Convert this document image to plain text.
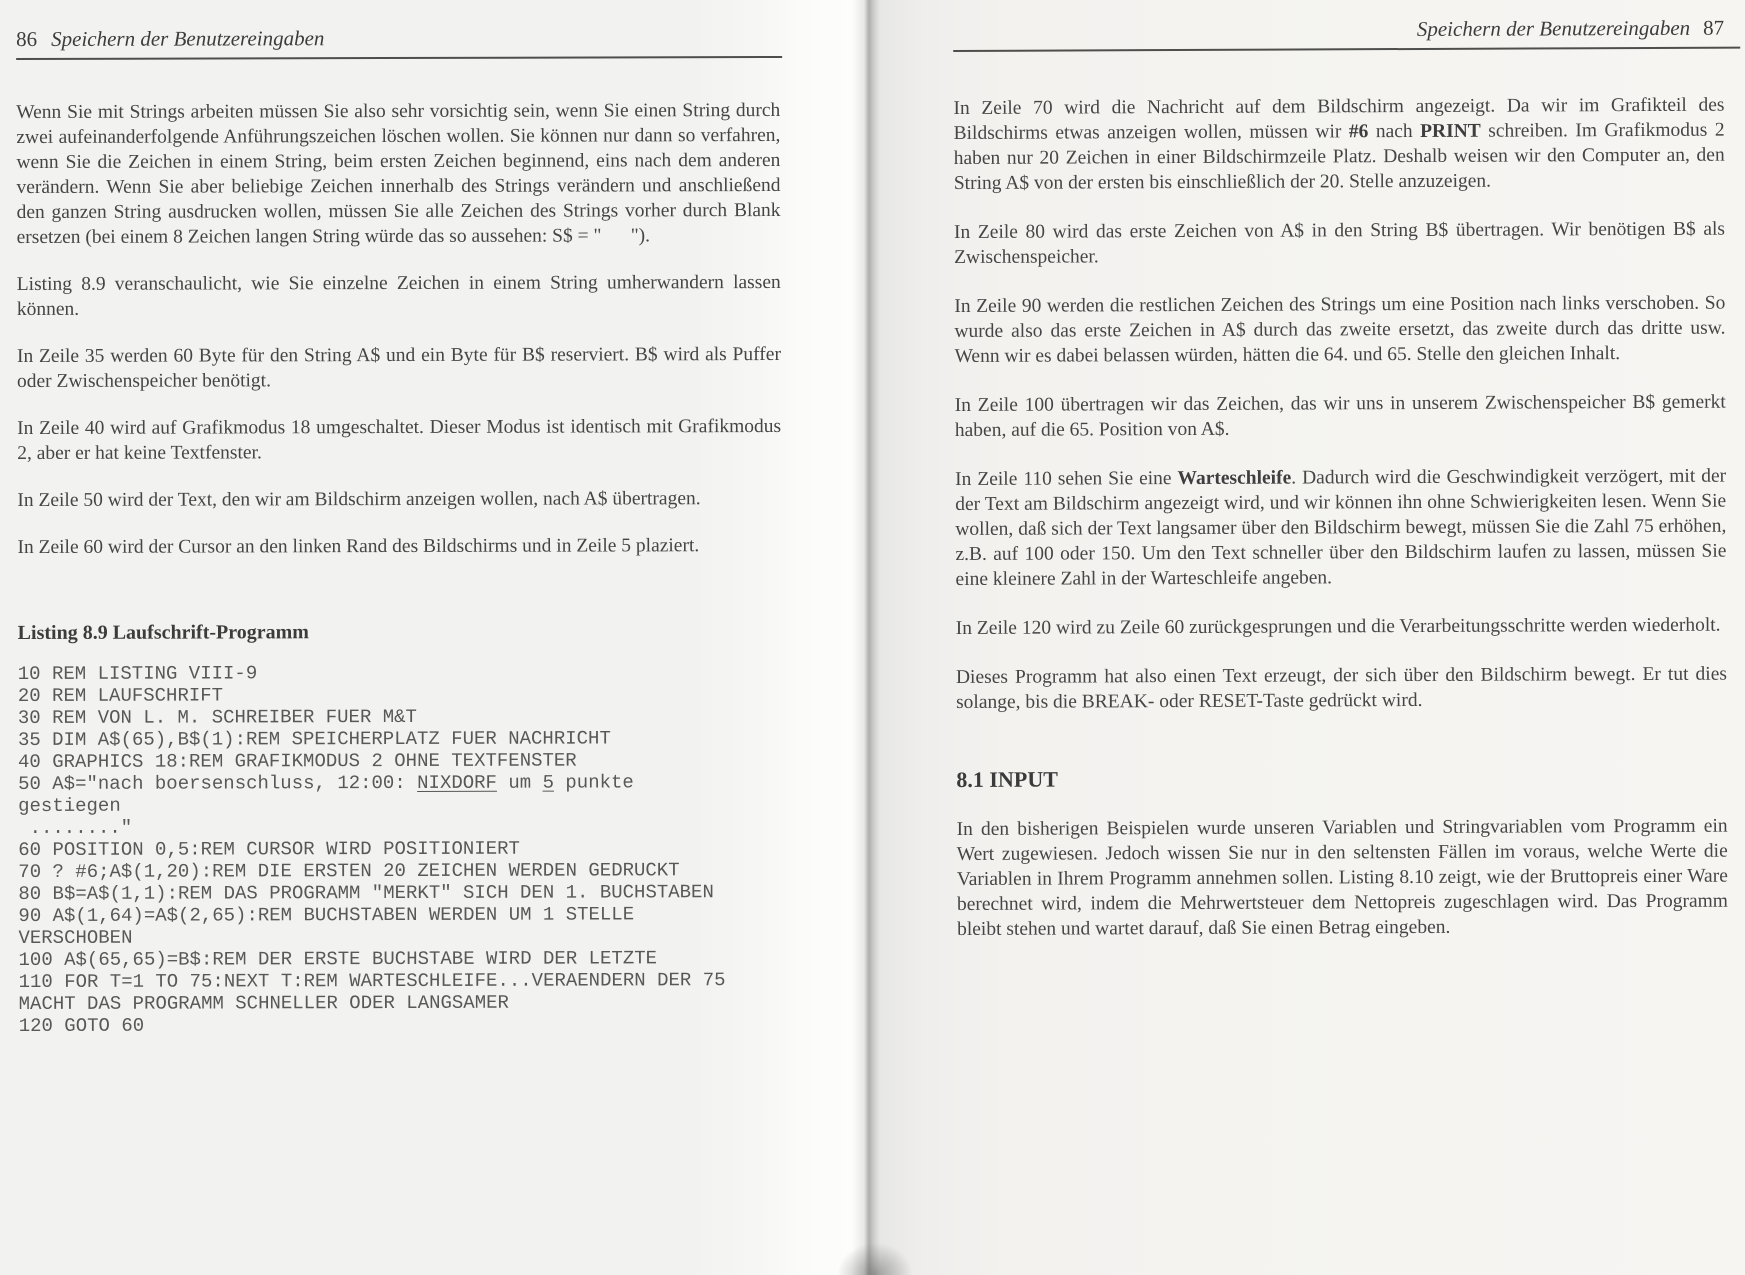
86 Speichern der Benutzereingaben

Wenn Sie mit Strings arbeiten müssen Sie also sehr vorsichtig sein, wenn Sie einen String durch zwei aufeinanderfolgende Anführungszeichen löschen wollen. Sie können nur dann so verfahren, wenn Sie die Zeichen in einem String, beim ersten Zeichen beginnend, eins nach dem anderen verändern. Wenn Sie aber beliebige Zeichen innerhalb des Strings verändern und anschließend den ganzen String ausdrucken wollen, müssen Sie alle Zeichen des Strings vorher durch Blank ersetzen (bei einem 8 Zeichen langen String würde das so aussehen: S$ = "      ").

Listing 8.9 veranschaulicht, wie Sie einzelne Zeichen in einem String umherwandern lassen können.

In Zeile 35 werden 60 Byte für den String A$ und ein Byte für B$ reserviert. B$ wird als Puffer oder Zwischenspeicher benötigt.

In Zeile 40 wird auf Grafikmodus 18 umgeschaltet. Dieser Modus ist identisch mit Grafikmodus 2, aber er hat keine Textfenster.

In Zeile 50 wird der Text, den wir am Bildschirm anzeigen wollen, nach A$ übertragen.

In Zeile 60 wird der Cursor an den linken Rand des Bildschirms und in Zeile 5 plaziert.

Listing 8.9 Laufschrift-Programm
10 REM LISTING VIII-9
20 REM LAUFSCHRIFT
30 REM VON L. M. SCHREIBER FUER M&T
35 DIM A$(65),B$(1):REM SPEICHERPLATZ FUER NACHRICHT
40 GRAPHICS 18:REM GRAFIKMODUS 2 OHNE TEXTFENSTER
50 A$="nach boersenschluss, 12:00: NIXDORF um 5 punkte
gestiegen
........"
60 POSITION 0,5:REM CURSOR WIRD POSITIONIERT
70 ? #6;A$(1,20):REM DIE ERSTEN 20 ZEICHEN WERDEN GEDRUCKT
80 B$=A$(1,1):REM DAS PROGRAMM "MERKT" SICH DEN 1. BUCHSTABEN
90 A$(1,64)=A$(2,65):REM BUCHSTABEN WERDEN UM 1 STELLE
VERSCHOBEN
100 A$(65,65)=B$:REM DER ERSTE BUCHSTABE WIRD DER LETZTE
110 FOR T=1 TO 75:NEXT T:REM WARTESCHLEIFE...VERAENDERN DER 75
MACHT DAS PROGRAMM SCHNELLER ODER LANGSAMER
120 GOTO 60
Speichern der Benutzereingaben 87

In Zeile 70 wird die Nachricht auf dem Bildschirm angezeigt. Da wir im Grafikteil des Bildschirms etwas anzeigen wollen, müssen wir #6 nach PRINT schreiben. Im Grafikmodus 2 haben nur 20 Zeichen in einer Bildschirmzeile Platz. Deshalb weisen wir den Computer an, den String A$ von der ersten bis einschließlich der 20. Stelle anzuzeigen.

In Zeile 80 wird das erste Zeichen von A$ in den String B$ übertragen. Wir benötigen B$ als Zwischenspeicher.

In Zeile 90 werden die restlichen Zeichen des Strings um eine Position nach links verschoben. So wurde also das erste Zeichen in A$ durch das zweite ersetzt, das zweite durch das dritte usw. Wenn wir es dabei belassen würden, hätten die 64. und 65. Stelle den gleichen Inhalt.

In Zeile 100 übertragen wir das Zeichen, das wir uns in unserem Zwischenspeicher B$ gemerkt haben, auf die 65. Position von A$.

In Zeile 110 sehen Sie eine Warteschleife. Dadurch wird die Geschwindigkeit verzögert, mit der der Text am Bildschirm angezeigt wird, und wir können ihn ohne Schwierigkeiten lesen. Wenn Sie wollen, daß sich der Text langsamer über den Bildschirm bewegt, müssen Sie die Zahl 75 erhöhen, z.B. auf 100 oder 150. Um den Text schneller über den Bildschirm laufen zu lassen, müssen Sie eine kleinere Zahl in der Warteschleife angeben.

In Zeile 120 wird zu Zeile 60 zurückgesprungen und die Verarbeitungsschritte werden wiederholt.

Dieses Programm hat also einen Text erzeugt, der sich über den Bildschirm bewegt. Er tut dies solange, bis die BREAK- oder RESET-Taste gedrückt wird.

8.1 INPUT

In den bisherigen Beispielen wurde unseren Variablen und Stringvariablen vom Programm ein Wert zugewiesen. Jedoch wissen Sie nur in den seltensten Fällen im voraus, welche Werte die Variablen in Ihrem Programm annehmen sollen. Listing 8.10 zeigt, wie der Bruttopreis einer Ware berechnet wird, indem die Mehrwertsteuer dem Nettopreis zugeschlagen wird. Das Programm bleibt stehen und wartet darauf, daß Sie einen Betrag eingeben.
